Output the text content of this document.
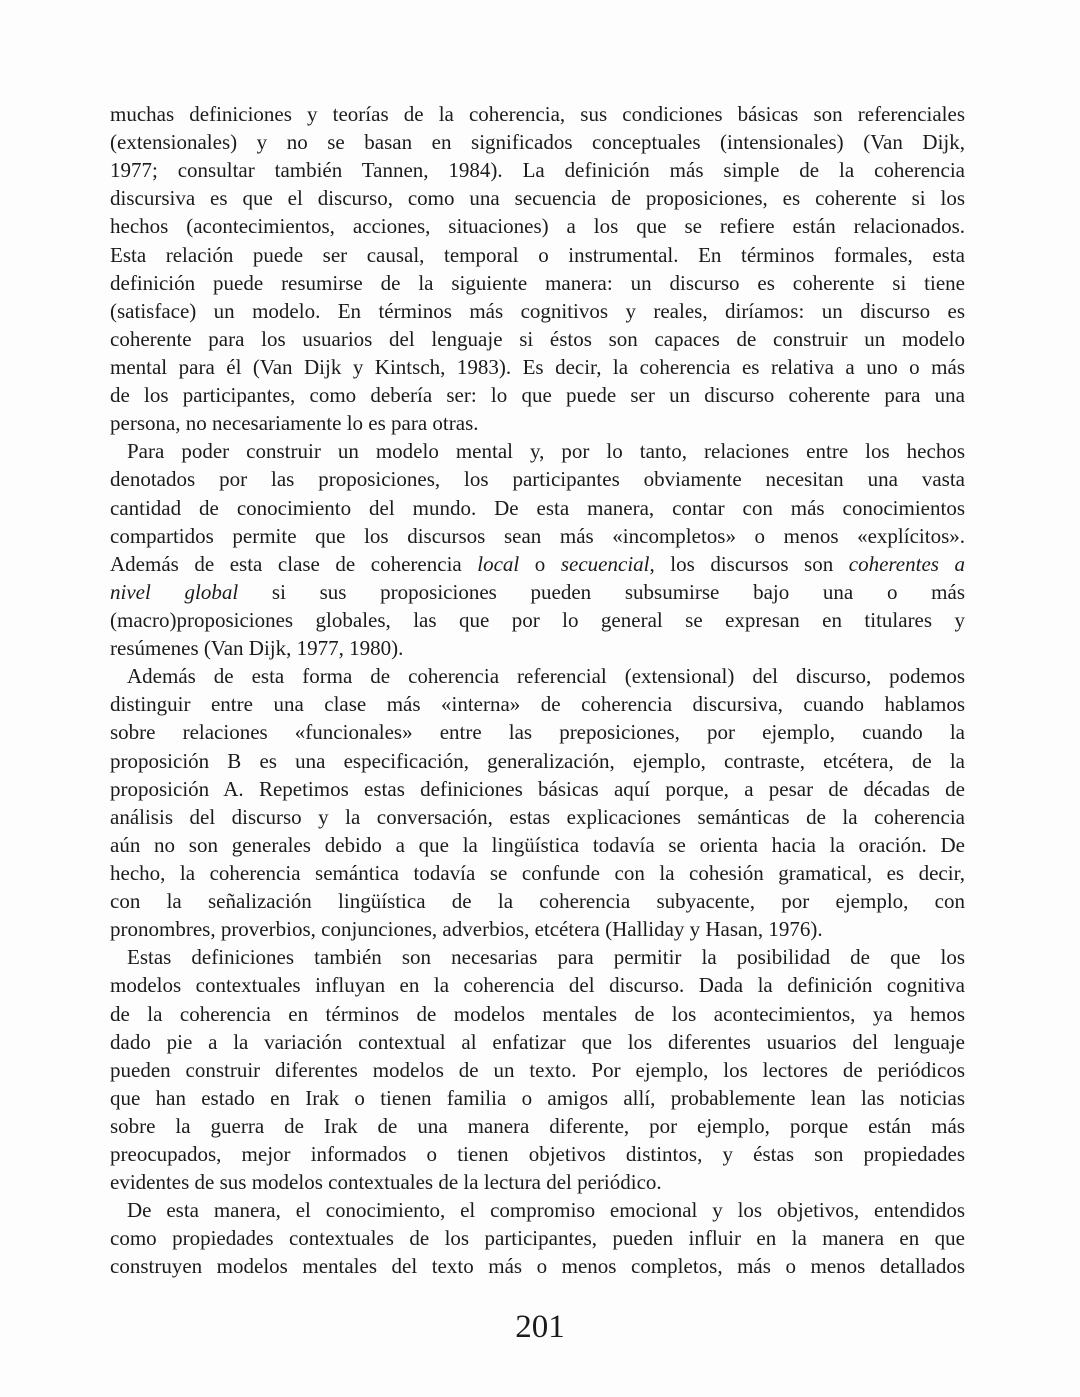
muchas definiciones y teorías de la coherencia, sus condiciones básicas son referenciales
(extensionales) y no se basan en significados conceptuales (intensionales) (Van Dijk,
1977; consultar también Tannen, 1984). La definición más simple de la coherencia
discursiva es que el discurso, como una secuencia de proposiciones, es coherente si los
hechos (acontecimientos, acciones, situaciones) a los que se refiere están relacionados.
Esta relación puede ser causal, temporal o instrumental. En términos formales, esta
definición puede resumirse de la siguiente manera: un discurso es coherente si tiene
(satisface) un modelo. En términos más cognitivos y reales, diríamos: un discurso es
coherente para los usuarios del lenguaje si éstos son capaces de construir un modelo
mental para él (Van Dijk y Kintsch, 1983). Es decir, la coherencia es relativa a uno o más
de los participantes, como debería ser: lo que puede ser un discurso coherente para una
persona, no necesariamente lo es para otras.
Para poder construir un modelo mental y, por lo tanto, relaciones entre los hechos
denotados por las proposiciones, los participantes obviamente necesitan una vasta
cantidad de conocimiento del mundo. De esta manera, contar con más conocimientos
compartidos permite que los discursos sean más «incompletos» o menos «explícitos».
Además de esta clase de coherencia local o secuencial, los discursos son coherentes a
nivel global si sus proposiciones pueden subsumirse bajo una o más
(macro)proposiciones globales, las que por lo general se expresan en titulares y
resúmenes (Van Dijk, 1977, 1980).
Además de esta forma de coherencia referencial (extensional) del discurso, podemos
distinguir entre una clase más «interna» de coherencia discursiva, cuando hablamos
sobre relaciones «funcionales» entre las preposiciones, por ejemplo, cuando la
proposición B es una especificación, generalización, ejemplo, contraste, etcétera, de la
proposición A. Repetimos estas definiciones básicas aquí porque, a pesar de décadas de
análisis del discurso y la conversación, estas explicaciones semánticas de la coherencia
aún no son generales debido a que la lingüística todavía se orienta hacia la oración. De
hecho, la coherencia semántica todavía se confunde con la cohesión gramatical, es decir,
con la señalización lingüística de la coherencia subyacente, por ejemplo, con
pronombres, proverbios, conjunciones, adverbios, etcétera (Halliday y Hasan, 1976).
Estas definiciones también son necesarias para permitir la posibilidad de que los
modelos contextuales influyan en la coherencia del discurso. Dada la definición cognitiva
de la coherencia en términos de modelos mentales de los acontecimientos, ya hemos
dado pie a la variación contextual al enfatizar que los diferentes usuarios del lenguaje
pueden construir diferentes modelos de un texto. Por ejemplo, los lectores de periódicos
que han estado en Irak o tienen familia o amigos allí, probablemente lean las noticias
sobre la guerra de Irak de una manera diferente, por ejemplo, porque están más
preocupados, mejor informados o tienen objetivos distintos, y éstas son propiedades
evidentes de sus modelos contextuales de la lectura del periódico.
De esta manera, el conocimiento, el compromiso emocional y los objetivos, entendidos
como propiedades contextuales de los participantes, pueden influir en la manera en que
construyen modelos mentales del texto más o menos completos, más o menos detallados
201
